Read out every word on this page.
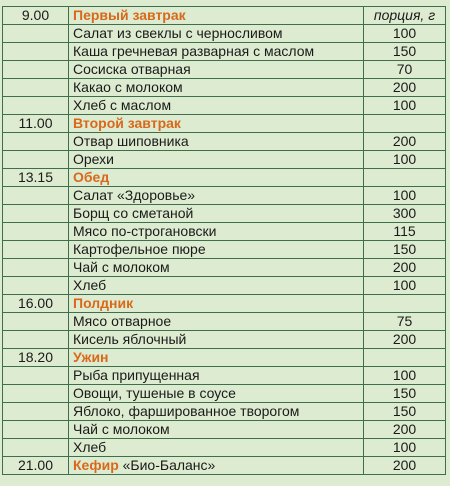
9.00	Первый завтрак	порция, г
	Салат из свеклы с черносливом	100
	Каша гречневая разварная с маслом	150
	Сосиска отварная	70
	Какао с молоком	200
	Хлеб с маслом	100
11.00	Второй завтрак	
	Отвар шиповника	200
	Орехи	100
13.15	Обед	
	Салат «Здоровье»	100
	Борщ со сметаной	300
	Мясо по-строгановски	115
	Картофельное пюре	150
	Чай с молоком	200
	Хлеб	100
16.00	Полдник	
	Мясо отварное	75
	Кисель яблочный	200
18.20	Ужин	
	Рыба припущенная	100
	Овощи, тушеные в соусе	150
	Яблоко, фаршированное творогом	150
	Чай с молоком	200
	Хлеб	100
21.00	Кефир «Био-Баланс»	200
